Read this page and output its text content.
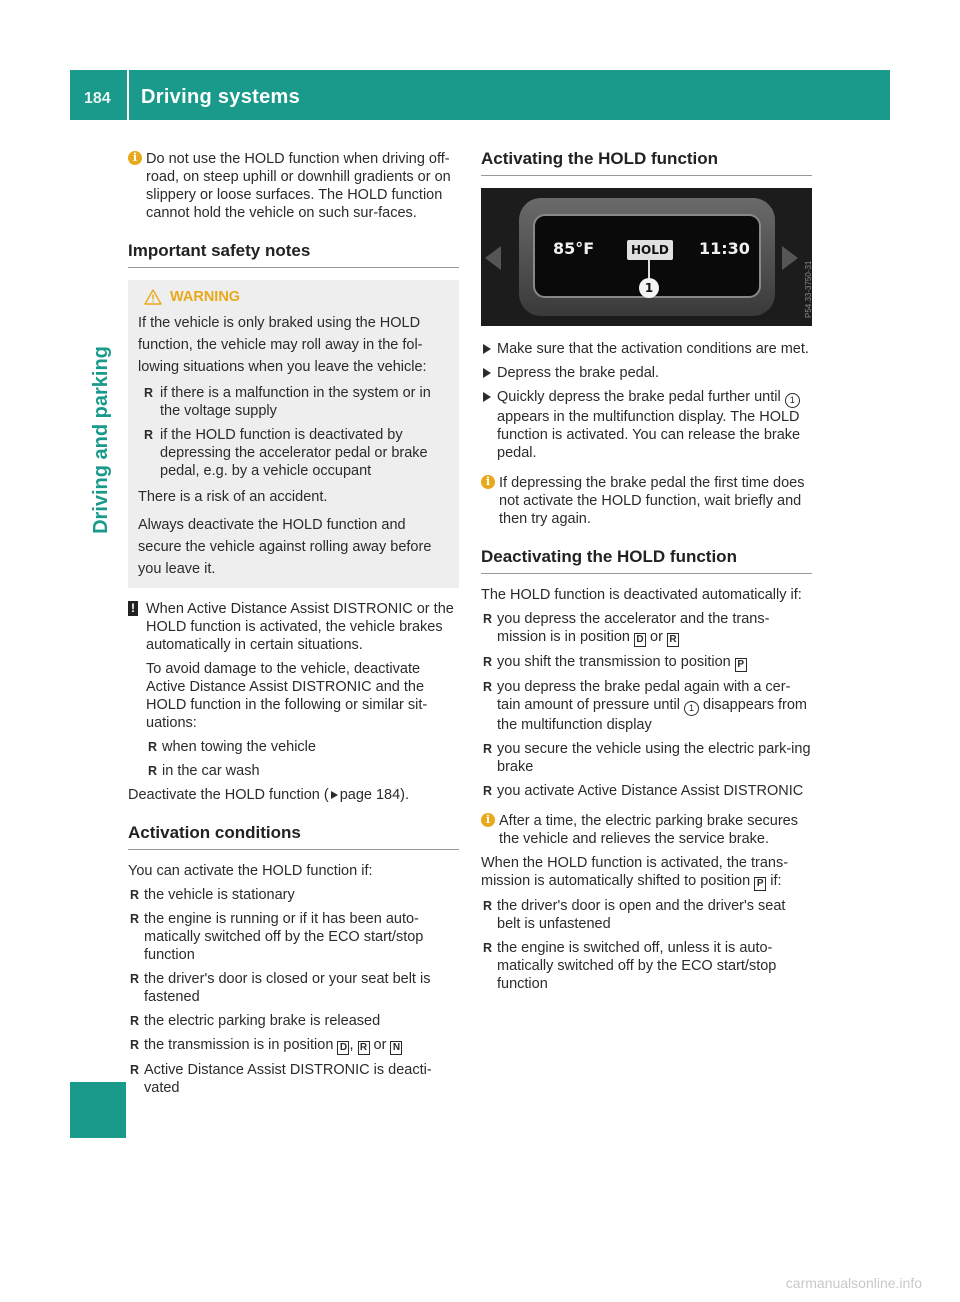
184 Driving systems
Driving and parking
i Do not use the HOLD function when driving off-road, on steep uphill or downhill gradients or on slippery or loose surfaces. The HOLD function cannot hold the vehicle on such sur-faces.

Important safety notes
WARNING

If the vehicle is only braked using the HOLD function, the vehicle may roll away in the fol-lowing situations when you leave the vehicle:

R if there is a malfunction in the system or in the voltage supply
R if the HOLD function is deactivated by depressing the accelerator pedal or brake pedal, e.g. by a vehicle occupant

There is a risk of an accident.

Always deactivate the HOLD function and secure the vehicle against rolling away before you leave it.

! When Active Distance Assist DISTRONIC or the HOLD function is activated, the vehicle brakes automatically in certain situations.

To avoid damage to the vehicle, deactivate Active Distance Assist DISTRONIC and the HOLD function in the following or similar sit-uations:

R when towing the vehicle
R in the car wash

Deactivate the HOLD function ( page 184).

Activation conditions

You can activate the HOLD function if:

R the vehicle is stationary
R the engine is running or if it has been auto-matically switched off by the ECO start/stop function
R the driver's door is closed or your seat belt is fastened
R the electric parking brake is released
R the transmission is in position D , R or N
R Active Distance Assist DISTRONIC is deacti-vated
Activating the HOLD function
85°F	HOLD 11:30
1	P54.33-3750-31
Make sure that the activation conditions are met.
Depress the brake pedal.
Quickly depress the brake pedal further until 1 appears in the multifunction display. The HOLD function is activated. You can release the brake pedal.
i If depressing the brake pedal the first time does not activate the HOLD function, wait briefly and then try again.

Deactivating the HOLD function

The HOLD function is deactivated automatically if:

R you depress the accelerator and the trans-mission is in position D or R
R you shift the transmission to position P
R you depress the brake pedal again with a cer-tain amount of pressure until 1 disappears from the multifunction display
R you secure the vehicle using the electric park-ing brake
R you activate Active Distance Assist DISTRONIC
i After a time, the electric parking brake secures the vehicle and relieves the service brake.

When the HOLD function is activated, the trans-mission is automatically shifted to position P if:

R the driver's door is open and the driver's seat belt is unfastened
R the engine is switched off, unless it is auto-matically switched off by the ECO start/stop function
carmanualsonline.info
